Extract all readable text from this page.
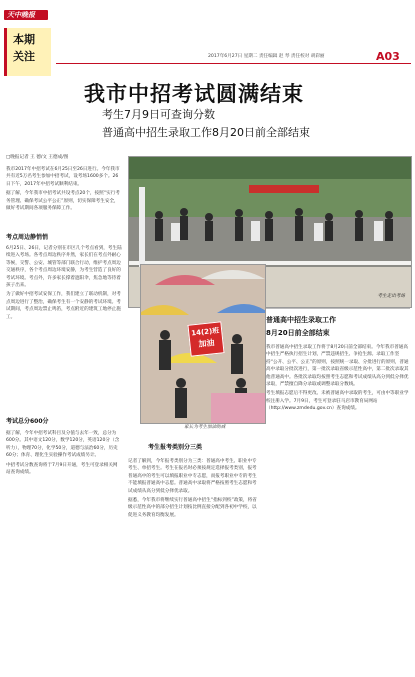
天中晚报
2017年6月27日 星期二 责任编辑 赵 琴 责任校对 胡彩丽	A03
本期
关注
我市中招考试圆满结束
考生7月9日可查询分数
普通高中招生录取工作8月20日前全部结束
□晚报记者 王 德/文 王德成/图

我市2017年中招考试在6月25日至26日进行。今年我市共有近5万名考生参加中招考试，设考场1600多个。26日下午，2017年中招考试顺利结束。

据了解，今年我市中招考试共设考点20个，按照“实行考务管理、确保考试公平公正”原则，切实保障考生安全，做好考试期间各项服务保障工作。

考点周边静悄悄

6月25日、26日，记者分别在市区几个考点看到，考生陆续进入考场。各考点周边秩序井然，家长们在考点外耐心等候，交警、公安、城管等部门联合行动，维护考点周边交通秩序，各个考点周边环境安静，为考生营造了良好的考试环境。考点外，许多家长撑着遮阳伞，焦急地等待着孩子出来。

为了做好中招考试安保工作，我们建立了联动机制，对考点周边进行了整治，确保考生有一个安静的考试环境。考试期间，考点周边禁止鸣笛，考点附近的建筑工地停止施工。

考试总分600分

据了解，今年中招考试科目及分值与去年一致，总分为600分。其中语文120分，数学120分，英语120分（含听力），物理70分，化学50分，道德与法治60分，历史60分；体育、理化生实验操作考试成绩另计。

中招考试分数查询将于7月9日开通，考生可登录相关网站查询成绩。

考生走出考场
14(2)班
加油
家长为考生加油助威
考生报考类别分三类

记者了解到，今年报考类别分为三类：普通高中考生、职业中专考生、单招考生。考生在报名时必须按规定选择报考类别，报考普通高中的考生可以填报职业中专志愿，而报考职业中专的考生不能填报普通高中志愿。普通高中录取将严格按照考生志愿和考试成绩从高分到低分择优录取。

据悉，今年我市将继续实行普通高中招生“指标到校”政策，将省级示范性高中的部分招生计划按比例直接分配到各初中学校，以促进义务教育均衡发展。

普通高中招生录取工作
8月20日前全部结束

我市普通高中招生录取工作将于8月20日前全部结束。今年我市普通高中招生严格执行招生计划，严禁违规招生、争抢生源。录取工作坚持“公开、公平、公正”的原则，按照统一录取、分批进行的原则，普通高中录取分批次进行，第一批次录取省级示范性高中，第二批次录取其他普通高中。各批次录取均按照考生志愿和考试成绩从高分到低分择优录取，严禁擅自降分录取或调整录取分数线。

考生填报志愿后不得更改。未被普通高中录取的考生，可由中等职业学校注册入学。7月9日，考生可登录驻马店市教育局网站（http://www.zmdedu.gov.cn）查询成绩。
